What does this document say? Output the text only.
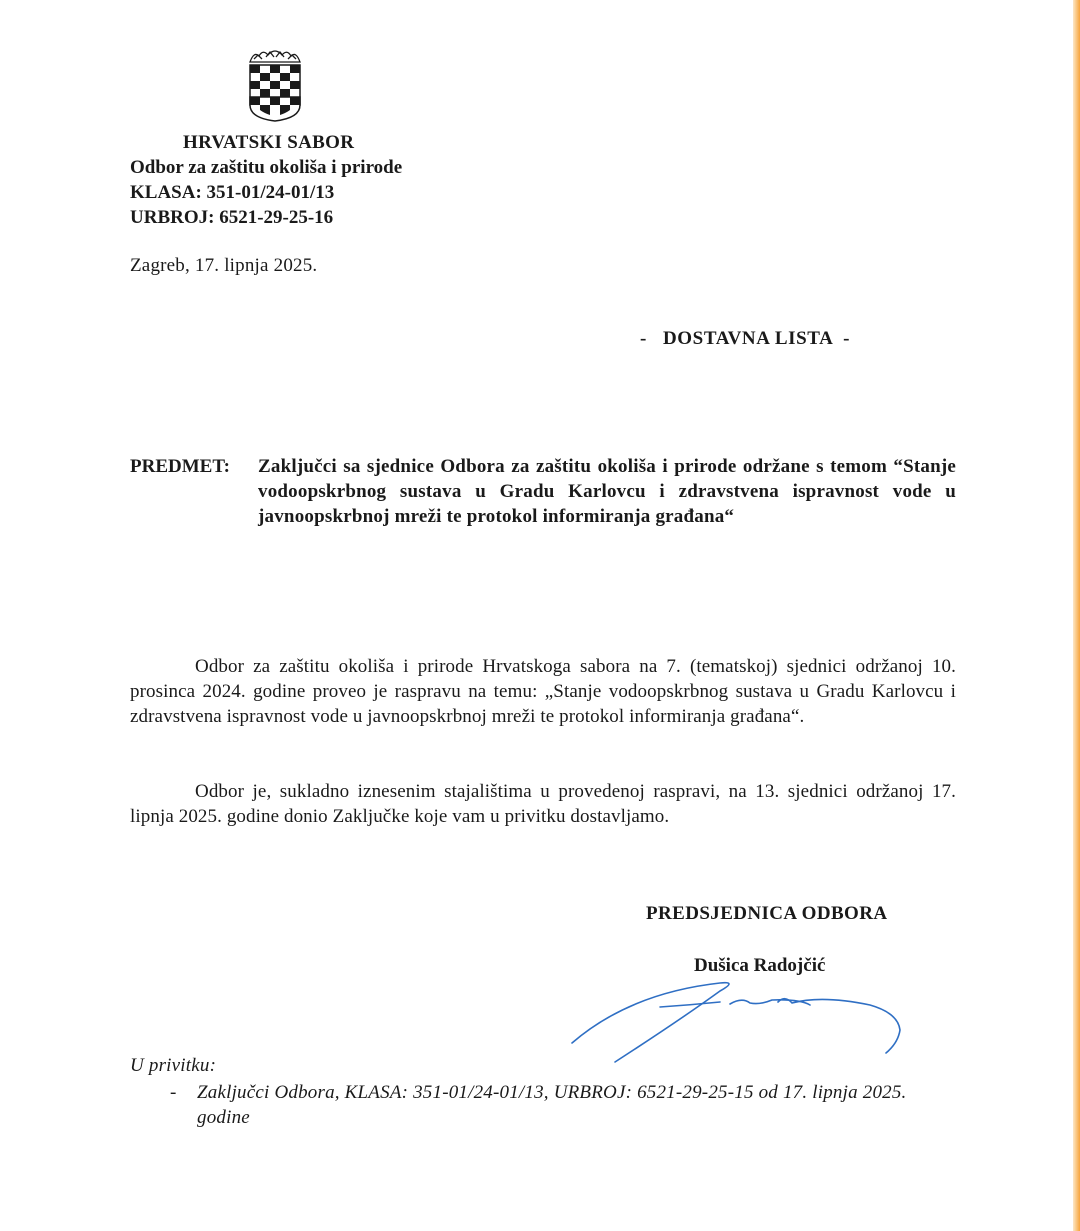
HRVATSKI SABOR
Odbor za zaštitu okoliša i prirode
KLASA: 351-01/24-01/13
URBROJ: 6521-29-25-16
Zagreb, 17. lipnja 2025.
-   DOSTAVNA LISTA  -
PREDMET: Zaključci sa sjednice Odbora za zaštitu okoliša i prirode održane s temom “Stanje vodoopskrbnog sustava u Gradu Karlovcu i zdravstvena ispravnost vode u javnoopskrbnoj mreži te protokol informiranja građana“
Odbor za zaštitu okoliša i prirode Hrvatskoga sabora na 7. (tematskoj) sjednici održanoj 10. prosinca 2024. godine proveo je raspravu na temu: „Stanje vodoopskrbnog sustava u Gradu Karlovcu i zdravstvena ispravnost vode u javnoopskrbnoj mreži te protokol informiranja građana“.
Odbor je, sukladno iznesenim stajalištima u provedenoj raspravi, na 13. sjednici održanoj 17. lipnja 2025. godine donio Zaključke koje vam u privitku dostavljamo.
PREDSJEDNICA ODBORA
Dušica Radojčić
U privitku:
- Zaključci Odbora, KLASA: 351-01/24-01/13, URBROJ: 6521-29-25-15 od 17. lipnja 2025. godine
